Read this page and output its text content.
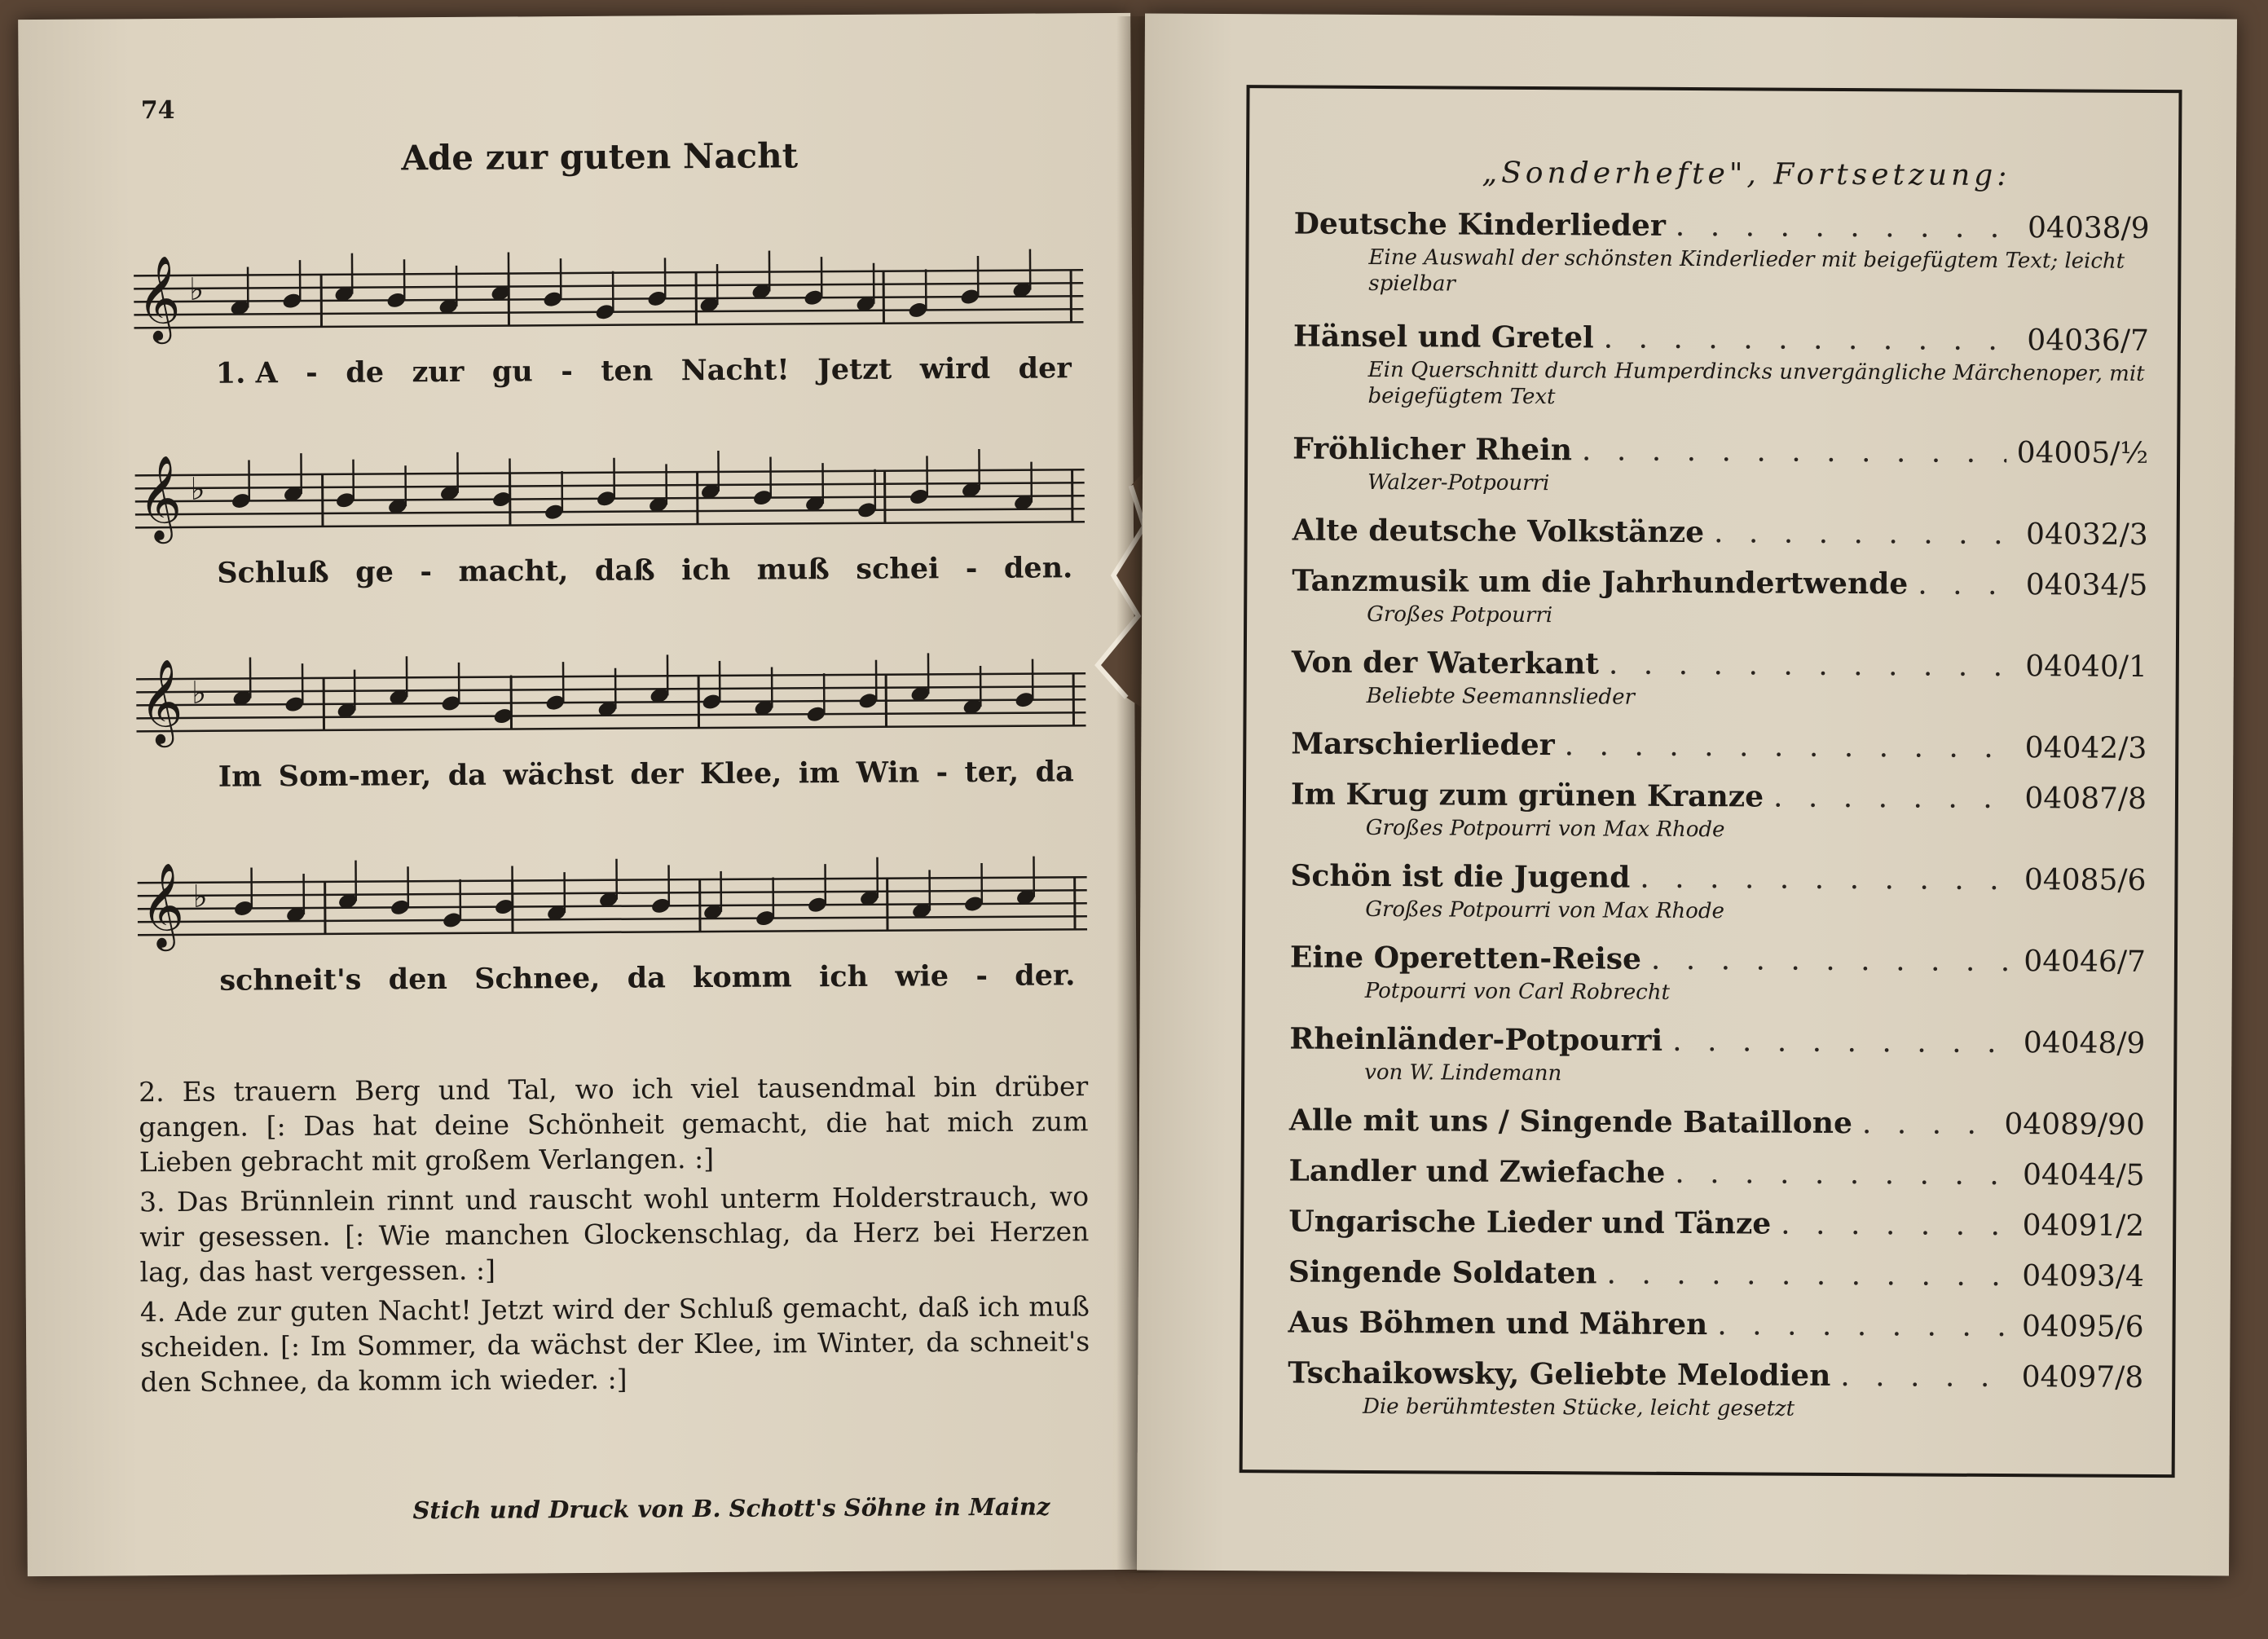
74
Ade zur guten Nacht
𝄞 ♭
1. A - de zur gu - ten Nacht! Jetzt wird der
𝄞 ♭
Schluß ge - macht, daß ich muß schei - den.
𝄞 ♭
Im Som-mer, da wächst der Klee, im Win - ter, da
𝄞 ♭
schneit's den Schnee, da komm ich wie - der.
2. Es trauern Berg und Tal, wo ich viel tausendmal bin drüber gangen. [: Das hat deine Schönheit gemacht, die hat mich zum Lieben gebracht mit großem Verlangen. :]
3. Das Brünnlein rinnt und rauscht wohl unterm Holderstrauch, wo wir gesessen. [: Wie manchen Glockenschlag, da Herz bei Herzen lag, das hast vergessen. :]
4. Ade zur guten Nacht! Jetzt wird der Schluß gemacht, daß ich muß scheiden. [: Im Sommer, da wächst der Klee, im Winter, da schneit's den Schnee, da komm ich wieder. :]
Stich und Druck von B. Schott's Söhne in Mainz
„Sonderhefte", Fortsetzung:
Deutsche Kinderlieder . . .	04038/9
Eine Auswahl der schönsten Kinderlieder mit beigefügtem Text; leicht spielbar
Hänsel und Gretel . . .	04036/7
Ein Querschnitt durch Humperdincks unvergängliche Märchenoper, mit beigefügtem Text
Fröhlicher Rhein . . .	04005/½
Walzer-Potpourri
Alte deutsche Volkstänze . . .	04032/3
Tanzmusik um die Jahrhundertwende . . .	04034/5
Großes Potpourri
Von der Waterkant . . .	04040/1
Beliebte Seemannslieder
Marschierlieder . . .	04042/3
Im Krug zum grünen Kranze . . .	04087/8
Großes Potpourri von Max Rhode
Schön ist die Jugend . . .	04085/6
Großes Potpourri von Max Rhode
Eine Operetten-Reise . . .	04046/7
Potpourri von Carl Robrecht
Rheinländer-Potpourri . . .	04048/9
von W. Lindemann
Alle mit uns / Singende Bataillone . . .	04089/90
Landler und Zwiefache . . .	04044/5
Ungarische Lieder und Tänze . . .	04091/2
Singende Soldaten . . .	04093/4
Aus Böhmen und Mähren . . .	04095/6
Tschaikowsky, Geliebte Melodien . . .	04097/8
Die berühmtesten Stücke, leicht gesetzt
